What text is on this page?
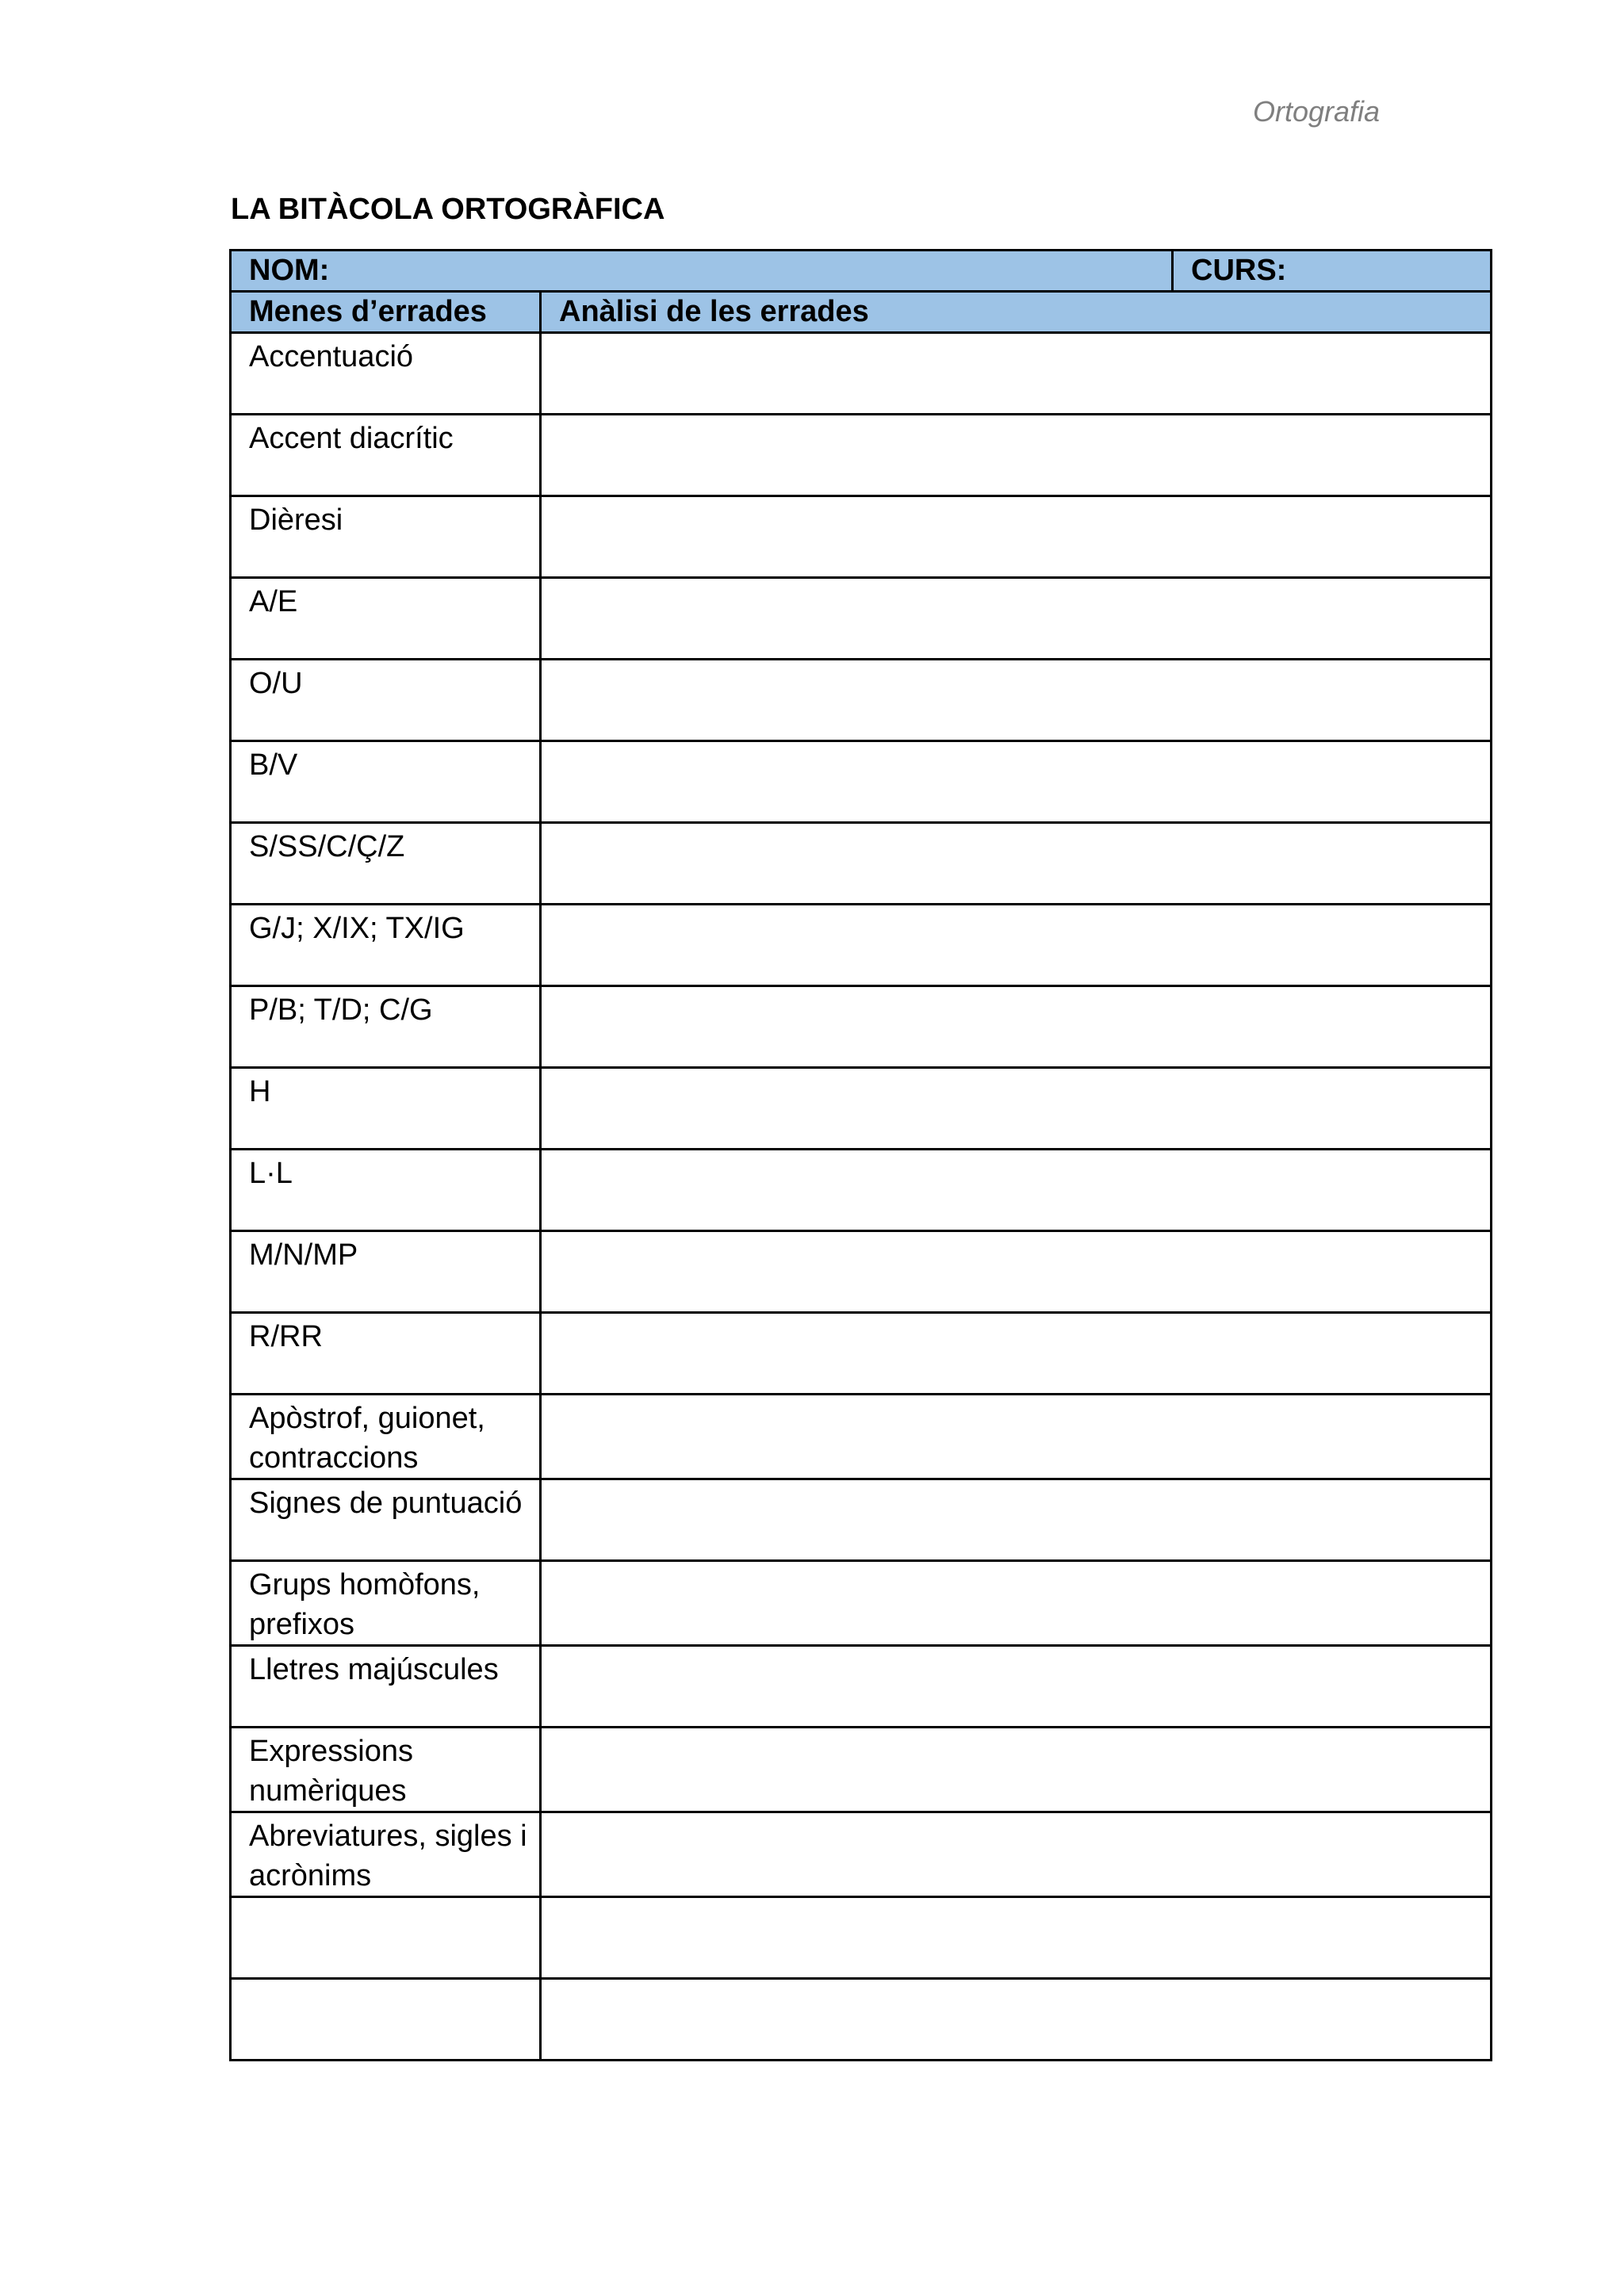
Ortografia
LA BITÀCOLA ORTOGRÀFICA
NOM:		CURS:
Menes d’errades	Anàlisi de les errades	
Accentuació		
Accent diacrític		
Dièresi		
A/E		
O/U		
B/V		
S/SS/C/Ç/Z		
G/J; X/IX; TX/IG		
P/B; T/D; C/G		
H		
L·L		
M/N/MP		
R/RR		
Apòstrof, guionet, contraccions		
Signes de puntuació		
Grups homòfons, prefixos		
Lletres majúscules		
Expressions numèriques		
Abreviatures, sigles i acrònims		
